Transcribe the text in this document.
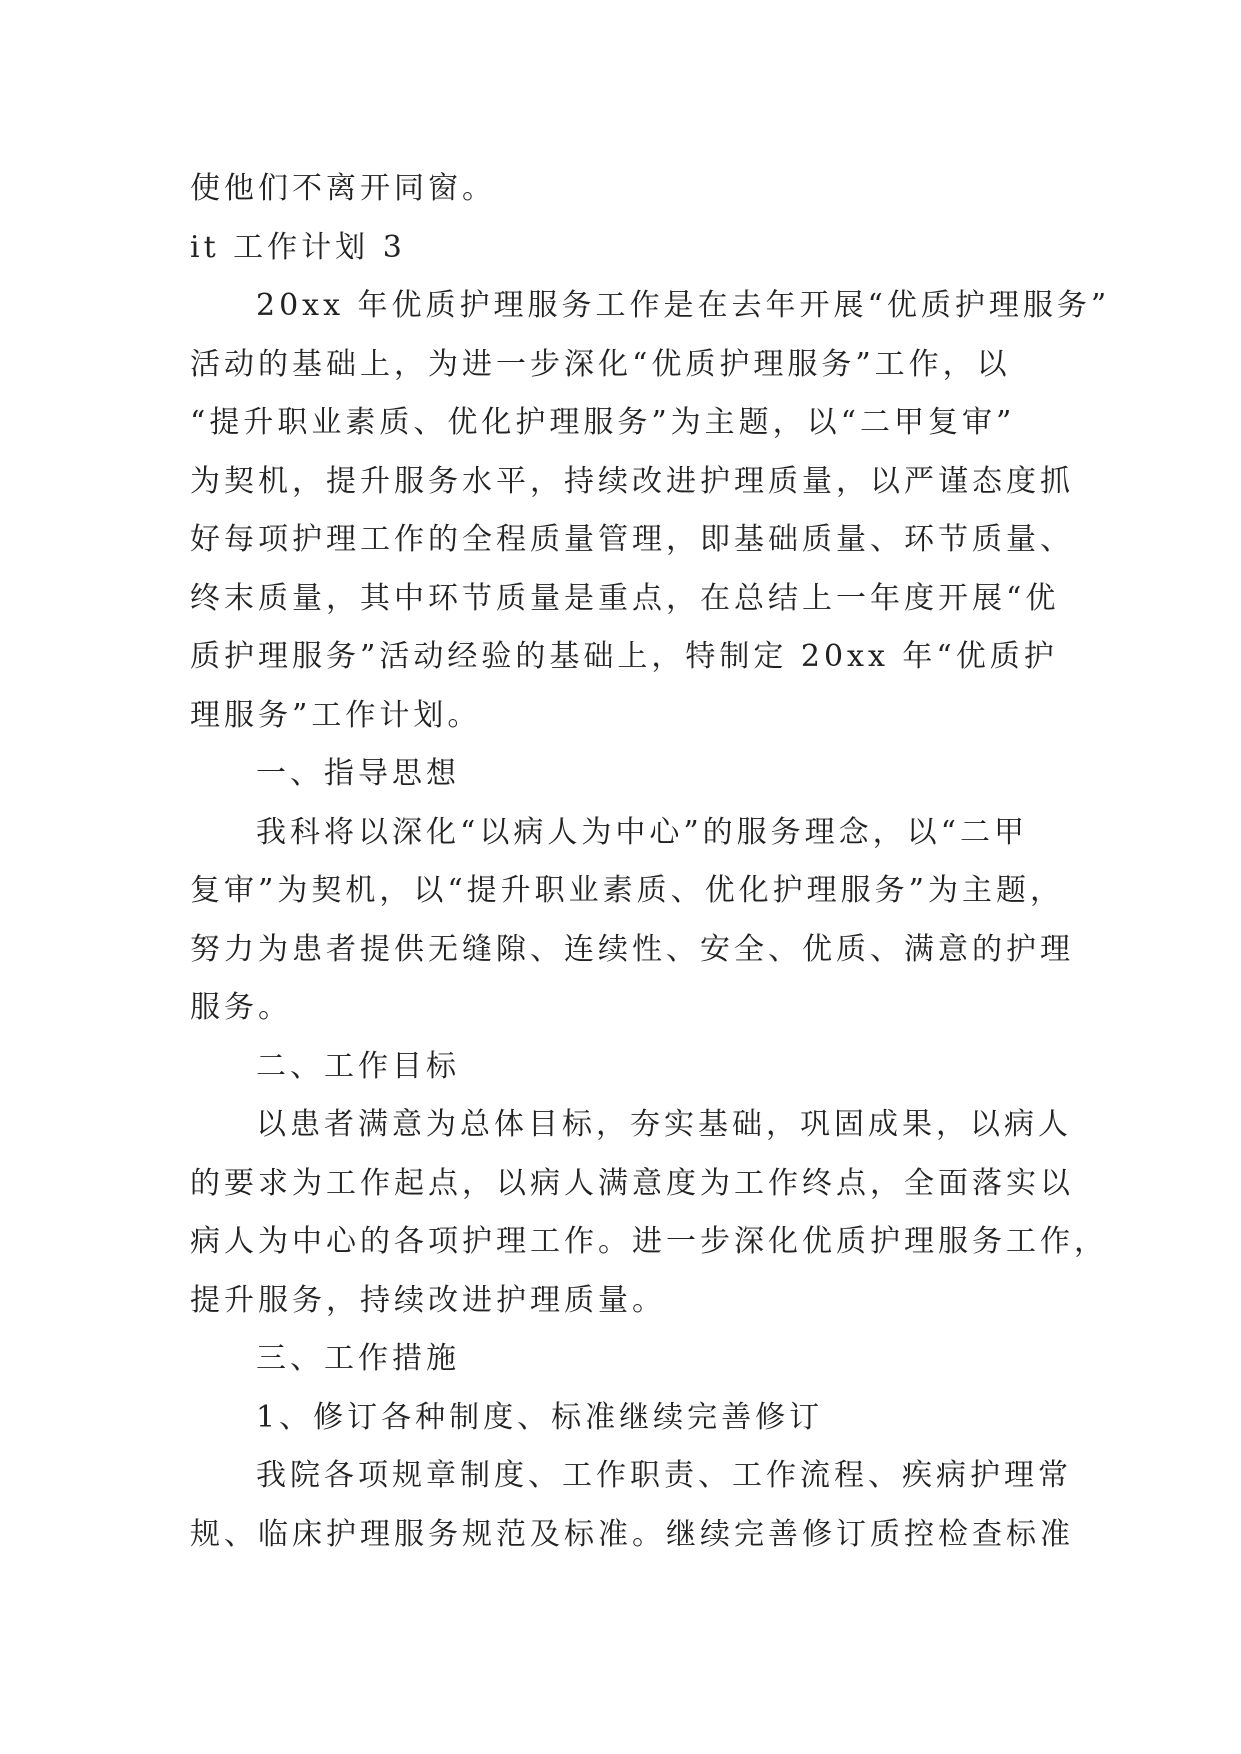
使他们不离开同窗。

it 工作计划 3

20xx 年优质护理服务工作是在去年开展“优质护理服务”

活动的基础上，为进一步深化“优质护理服务”工作，以

“提升职业素质、优化护理服务”为主题，以“二甲复审”

为契机，提升服务水平，持续改进护理质量，以严谨态度抓

好每项护理工作的全程质量管理，即基础质量、环节质量、

终末质量，其中环节质量是重点，在总结上一年度开展“优

质护理服务”活动经验的基础上，特制定 20xx 年“优质护

理服务”工作计划。

一、指导思想

我科将以深化“以病人为中心”的服务理念，以“二甲

复审”为契机，以“提升职业素质、优化护理服务”为主题，

努力为患者提供无缝隙、连续性、安全、优质、满意的护理

服务。

二、工作目标

以患者满意为总体目标，夯实基础，巩固成果，以病人

的要求为工作起点，以病人满意度为工作终点，全面落实以

病人为中心的各项护理工作。进一步深化优质护理服务工作，

提升服务，持续改进护理质量。

三、工作措施

1、修订各种制度、标准继续完善修订

我院各项规章制度、工作职责、工作流程、疾病护理常

规、临床护理服务规范及标准。继续完善修订质控检查标准
